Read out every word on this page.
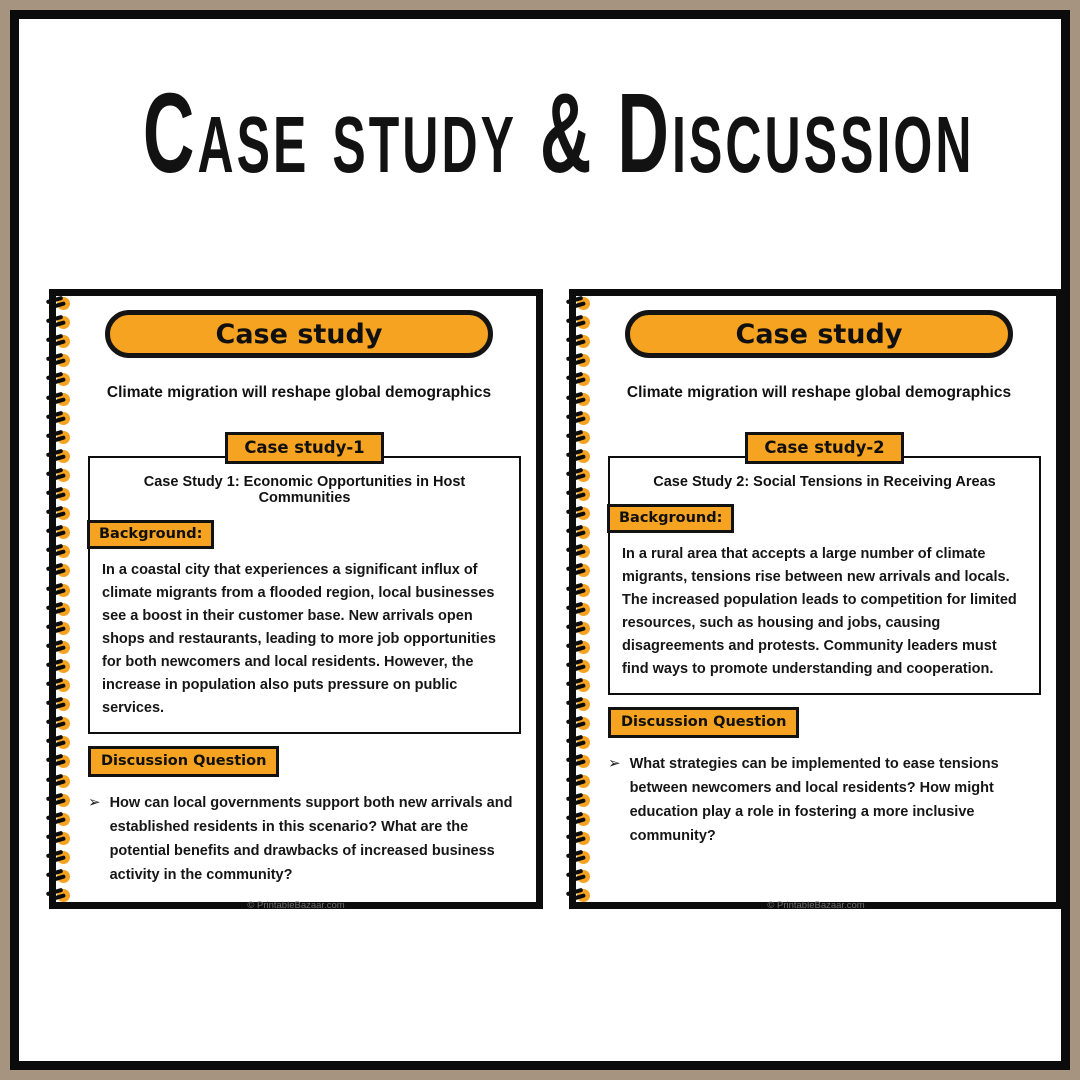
Case study & Discussion
Case study
Climate migration will reshape global demographics
Case study-1
Case Study 1: Economic Opportunities in Host Communities
Background:
In a coastal city that experiences a significant influx of climate migrants from a flooded region, local businesses see a boost in their customer base. New arrivals open shops and restaurants, leading to more job opportunities for both newcomers and local residents. However, the increase in population also puts pressure on public services.
Discussion Question
➢ How can local governments support both new arrivals and established residents in this scenario? What are the potential benefits and drawbacks of increased business activity in the community?
© PrintableBazaar.com
Case study
Climate migration will reshape global demographics
Case study-2
Case Study 2: Social Tensions in Receiving Areas
Background:
In a rural area that accepts a large number of climate migrants, tensions rise between new arrivals and locals. The increased population leads to competition for limited resources, such as housing and jobs, causing disagreements and protests. Community leaders must find ways to promote understanding and cooperation.
Discussion Question
➢ What strategies can be implemented to ease tensions between newcomers and local residents? How might education play a role in fostering a more inclusive community?
© PrintableBazaar.com
